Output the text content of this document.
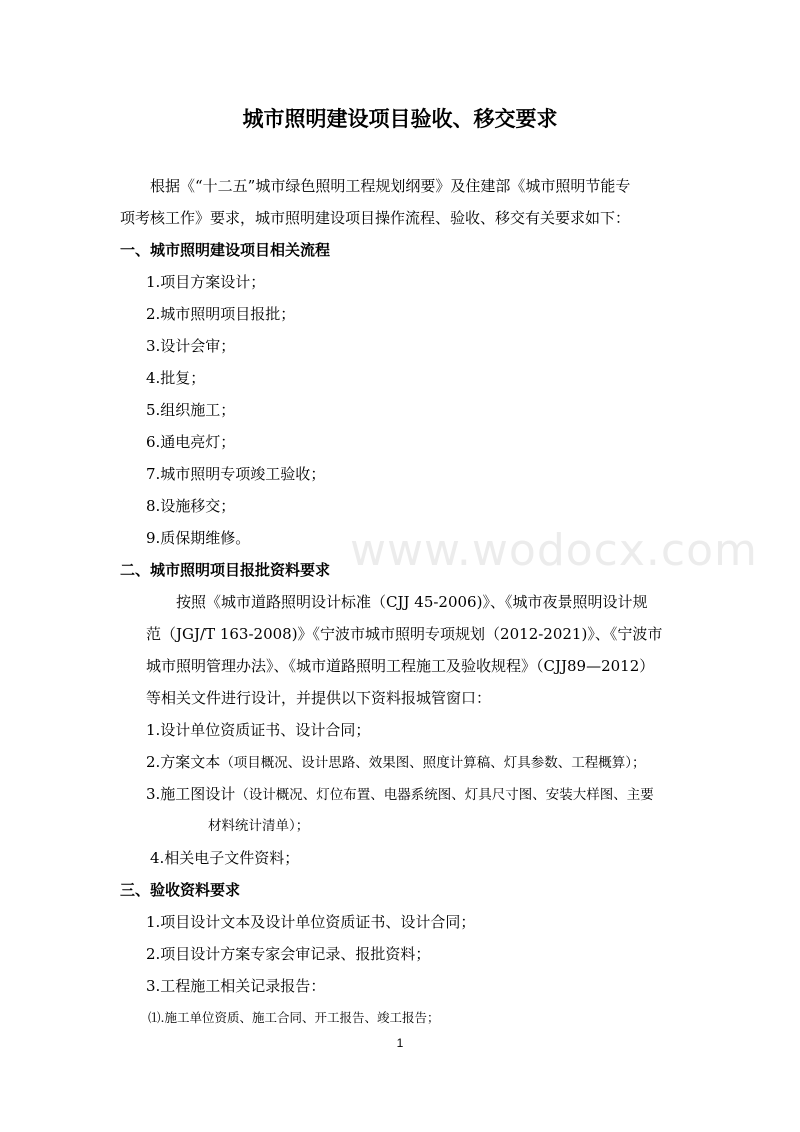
城市照明建设项目验收、移交要求
根据《“十二五”城市绿色照明工程规划纲要》及住建部《城市照明节能专
项考核工作》要求，城市照明建设项目操作流程、验收、移交有关要求如下：
一、城市照明建设项目相关流程
1.项目方案设计；
2.城市照明项目报批；
3.设计会审；
4.批复；
5.组织施工；
6.通电亮灯；
7.城市照明专项竣工验收；
8.设施移交；
9.质保期维修。
二、城市照明项目报批资料要求
按照《城市道路照明设计标准（CJJ 45-2006)》、《城市夜景照明设计规
范（JGJ/T 163-2008)》《宁波市城市照明专项规划（2012-2021)》、《宁波市
城市照明管理办法》、《城市道路照明工程施工及验收规程》（CJJ89—2012）
等相关文件进行设计，并提供以下资料报城管窗口：
1.设计单位资质证书、设计合同；
2.方案文本（项目概况、设计思路、效果图、照度计算稿、灯具参数、工程概算）；
3.施工图设计（设计概况、灯位布置、电器系统图、灯具尺寸图、安装大样图、主要
材料统计清单）；
4.相关电子文件资料；
三、验收资料要求
1.项目设计文本及设计单位资质证书、设计合同；
2.项目设计方案专家会审记录、报批资料；
3.工程施工相关记录报告：
⑴.施工单位资质、施工合同、开工报告、竣工报告；
www.wodocx.com
1
